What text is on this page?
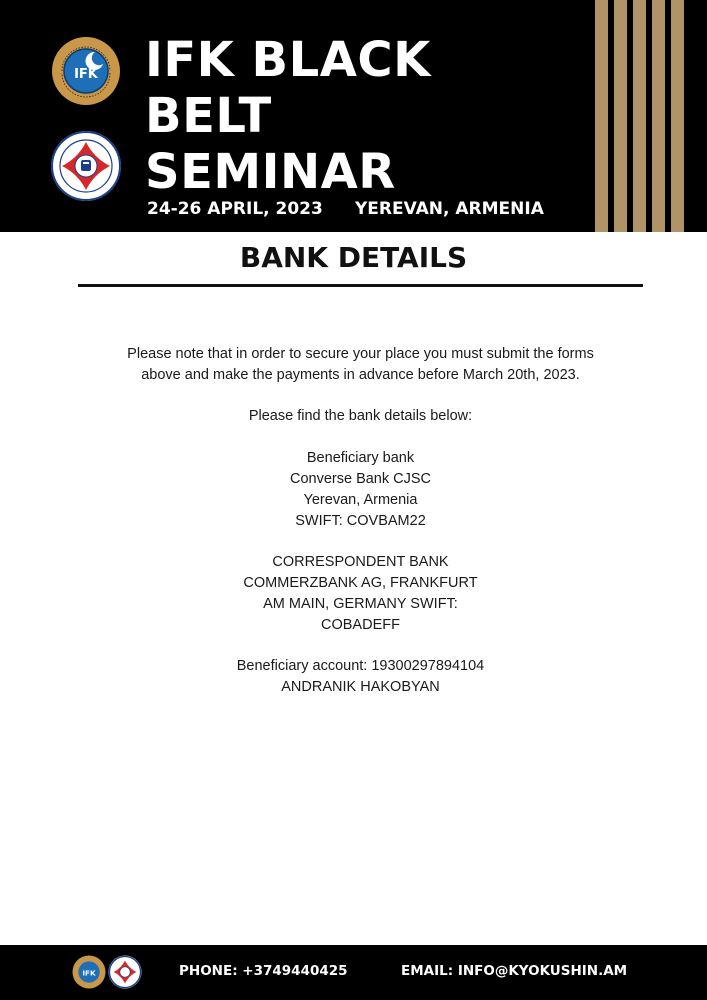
IFK IFK BLACK
BELT
SEMINAR
24-26 APRIL, 2023 YEREVAN, ARMENIA
BANK DETAILS

Please note that in order to secure your place you must submit the forms

above and make the payments in advance before March 20th, 2023.

Please find the bank details below:

Beneficiary bank

Converse Bank CJSC

Yerevan, Armenia

SWIFT: COVBAM22

CORRESPONDENT BANK

COMMERZBANK AG, FRANKFURT

AM MAIN, GERMANY SWIFT:

COBADEFF

Beneficiary account: 19300297894104

ANDRANIK HAKOBYAN

IFK	PHONE: +3749440425	EMAIL: INFO@KYOKUSHIN.AM
